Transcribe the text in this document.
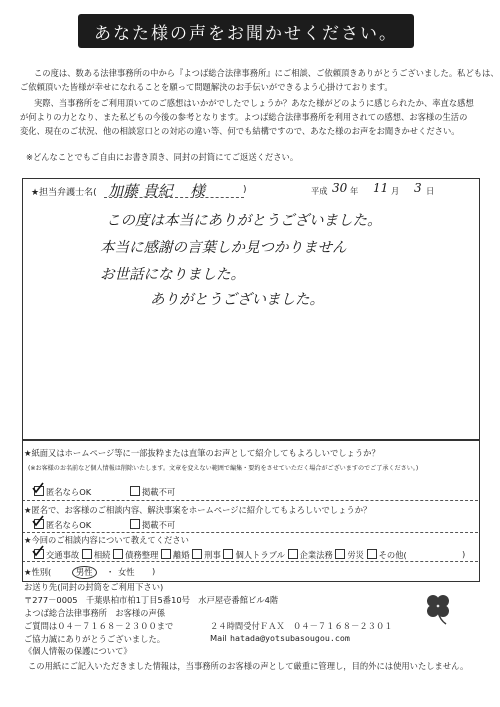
あなた様の声をお聞かせください。
この度は、数ある法律事務所の中から『よつば総合法律事務所』にご相談、ご依頼頂きありがとうございました。私どもは、
ご依頼頂いた皆様が幸せになれることを願って問題解決のお手伝いができるよう心掛けております。
実際、当事務所をご利用頂いてのご感想はいかがでしたでしょうか？あなた様がどのように感じられたか、率直な感想
が何よりの力となり、また私どもの今後の参考となります。よつば総合法律事務所を利用されての感想、お客様の生活の
変化、現在のご状況、他の相談窓口との対応の違い等、何でも結構ですので、あなた様のお声をお聞きかせください。
※どんなことでもご自由にお書き頂き、同封の封筒にてご返送ください。
★担当弁護士名( 加藤 貴紀 様	)	平成 30 年 11 月 3 日
この度は本当にありがとうございました。
本当に感謝の言葉しか見つかりません
お世話になりました。
ありがとうございました。
★紙面又はホームページ等に一部抜粋または直筆のお声として紹介してもよろしいでしょうか？
(※お客様のお名前など個人情報は削除いたします。文章を変えない範囲で編集・要約をさせていただく場合がございますのでご了承ください。)
匿名ならOK	掲載不可
★匿名で、お客様のご相談内容、解決事案をホームページに紹介してもよろしいでしょうか？
匿名ならOK	掲載不可
★今回のご相談内容について教えてください
交通事故 相続 債務整理 離婚 刑事 個人トラブル 企業法務 労災 その他(	)
★性別(	男性	・ 女性 )
お送り先(同封の封筒をご利用下さい)
〒277－0005　千葉県柏市柏1丁目5番10号　水戸屋壱番館ビル4階
よつば総合法律事務所　お客様の声係
ご質問は０４－７１６８－２３００まで	２４時間受付ＦＡＸ　０４－７１６８－２３０１
ご協力誠にありがとうございました。	Mail hatada@yotsubasougou.com
《個人情報の保護について》
この用紙にご記入いただきました情報は，当事務所のお客様の声として厳重に管理し，目的外には使用いたしません。
